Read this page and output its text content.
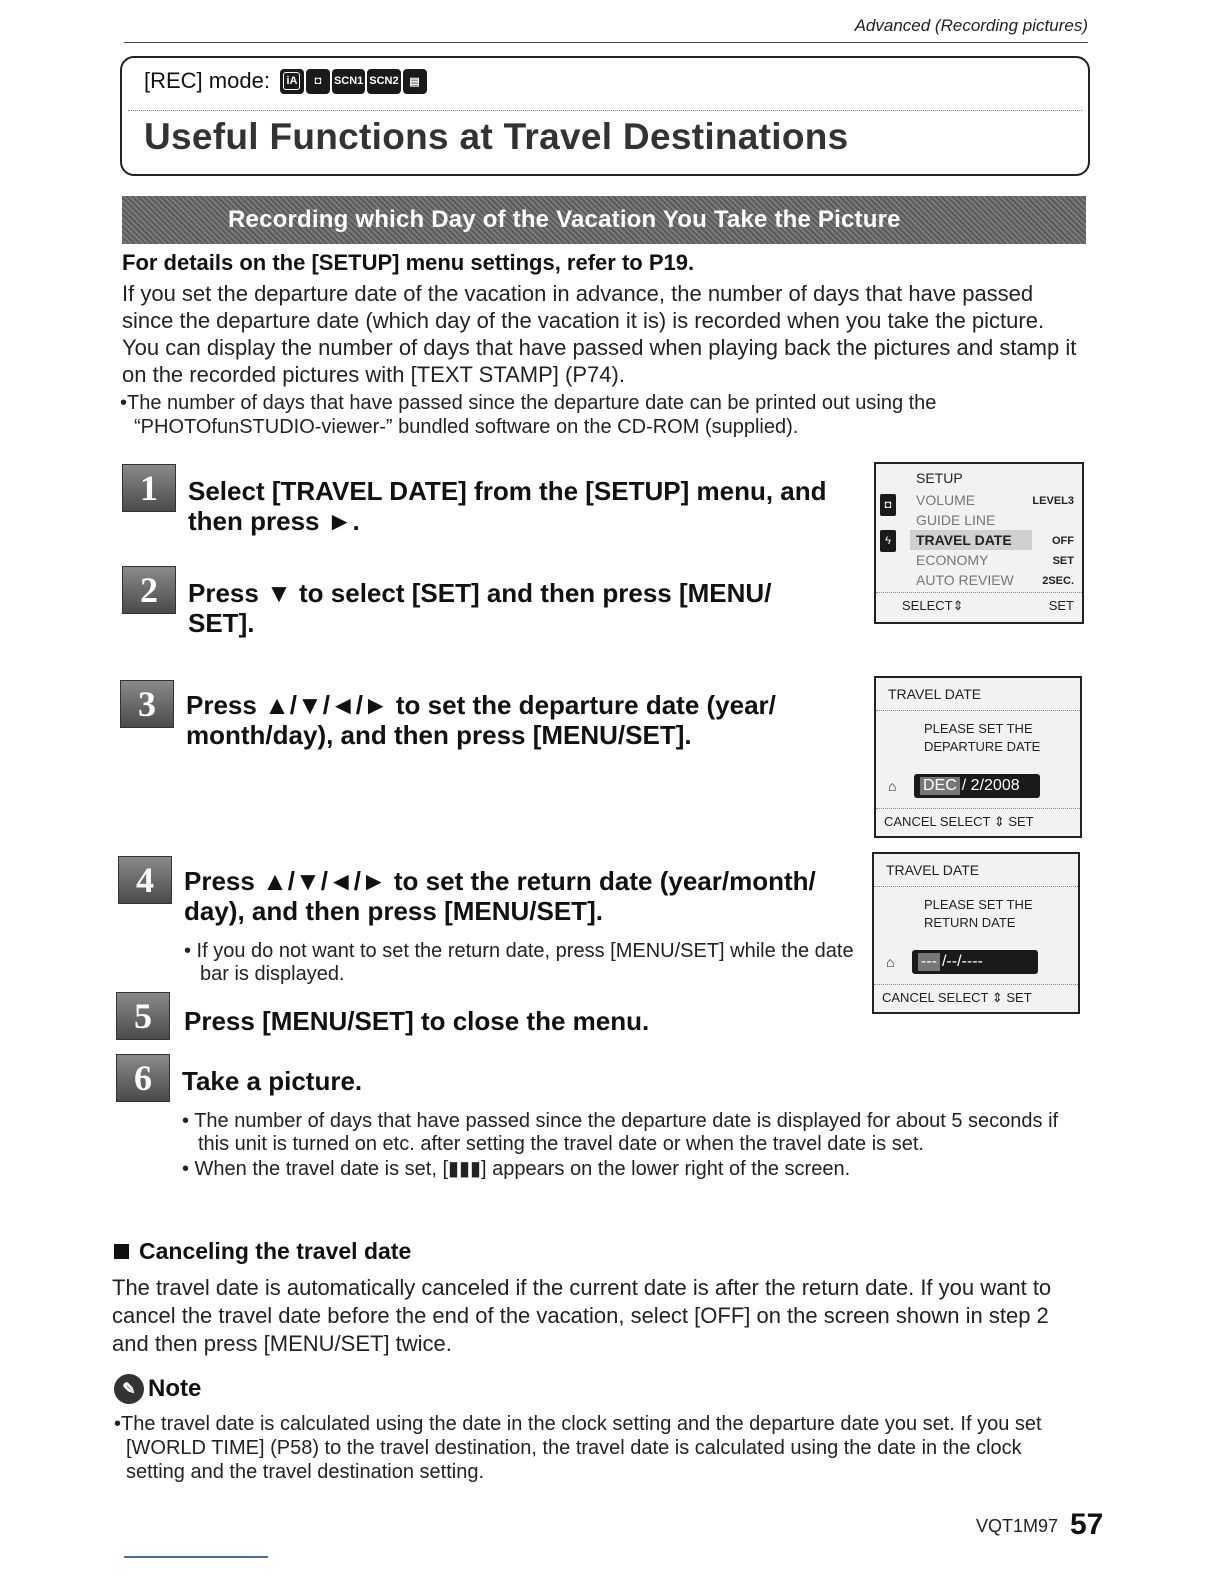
Advanced (Recording pictures)
[REC] mode: iA	◘	SCN1 SCN2 ▤
Useful Functions at Travel Destinations
Recording which Day of the Vacation You Take the Picture
For details on the [SETUP] menu settings, refer to P19.
If you set the departure date of the vacation in advance, the number of days that have passed since the departure date (which day of the vacation it is) is recorded when you take the picture. You can display the number of days that have passed when playing back the pictures and stamp it on the recorded pictures with [TEXT STAMP] (P74).

•The number of days that have passed since the departure date can be printed out using the “PHOTOfunSTUDIO-viewer-” bundled software on the CD-ROM (supplied).

1	Select [TRAVEL DATE] from the [SETUP] menu, and then press ►.
2	Press ▼ to select [SET] and then press [MENU/ SET].
3	Press ▲/▼/◄/► to set the departure date (year/ month/day), and then press [MENU/SET].
4	Press ▲/▼/◄/► to set the return date (year/month/ day), and then press [MENU/SET].

• If you do not want to set the return date, press [MENU/SET] while the date bar is displayed.

5	Press [MENU/SET] to close the menu.
6	Take a picture.

• The number of days that have passed since the departure date is displayed for about 5 seconds if this unit is turned on etc. after setting the travel date or when the travel date is set.

• When the travel date is set, [▮▮▮] appears on the lower right of the screen.

SETUP
◘
ϟ
VOLUME	LEVEL3
GUIDE LINE
TRAVEL DATE	OFF
ECONOMY	SET
AUTO REVIEW	2SEC.
SELECT⇕	SET
TRAVEL DATE
PLEASE SET THE DEPARTURE DATE
⌂ DEC / 2/2008
CANCEL SELECT ⇕ SET
TRAVEL DATE
PLEASE SET THE RETURN DATE
⌂ --- /--/----
CANCEL SELECT ⇕ SET
Canceling the travel date
The travel date is automatically canceled if the current date is after the return date. If you want to cancel the travel date before the end of the vacation, select [OFF] on the screen shown in step 2 and then press [MENU/SET] twice.
✎ Note

•The travel date is calculated using the date in the clock setting and the departure date you set. If you set [WORLD TIME] (P58) to the travel destination, the travel date is calculated using the date in the clock setting and the travel destination setting.

VQT1M97 57
